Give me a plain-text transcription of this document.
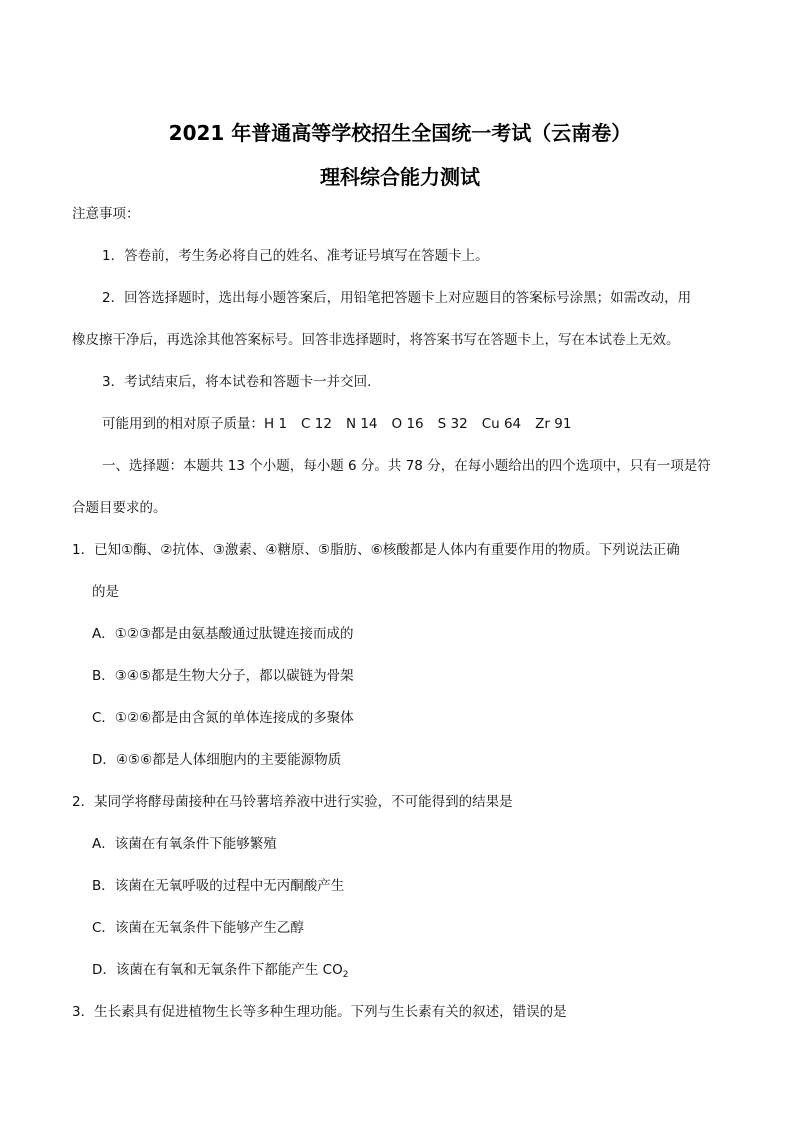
2021 年普通高等学校招生全国统一考试（云南卷）
理科综合能力测试
注意事项：
1．答卷前，考生务必将自己的姓名、准考证号填写在答题卡上。
2．回答选择题时，选出每小题答案后，用铅笔把答题卡上对应题目的答案标号涂黑；如需改动，用
橡皮擦干净后，再选涂其他答案标号。回答非选择题时，将答案书写在答题卡上，写在本试卷上无效。
3．考试结束后，将本试卷和答题卡一并交回.
可能用到的相对原子质量：H 1 C 12 N 14 O 16 S 32 Cu 64 Zr 91
一、选择题：本题共 13 个小题，每小题 6 分。共 78 分，在每小题给出的四个选项中，只有一项是符
合题目要求的。
1．已知①酶、②抗体、③激素、④糖原、⑤脂肪、⑥核酸都是人体内有重要作用的物质。下列说法正确
的是
A．①②③都是由氨基酸通过肽键连接而成的
B．③④⑤都是生物大分子，都以碳链为骨架
C．①②⑥都是由含氮的单体连接成的多聚体
D．④⑤⑥都是人体细胞内的主要能源物质
2．某同学将酵母菌接种在马铃薯培养液中进行实验，不可能得到的结果是
A．该菌在有氧条件下能够繁殖
B．该菌在无氧呼吸的过程中无丙酮酸产生
C．该菌在无氧条件下能够产生乙醇
D．该菌在有氧和无氧条件下都能产生 $CO_2$
3．生长素具有促进植物生长等多种生理功能。下列与生长素有关的叙述，错误的是
